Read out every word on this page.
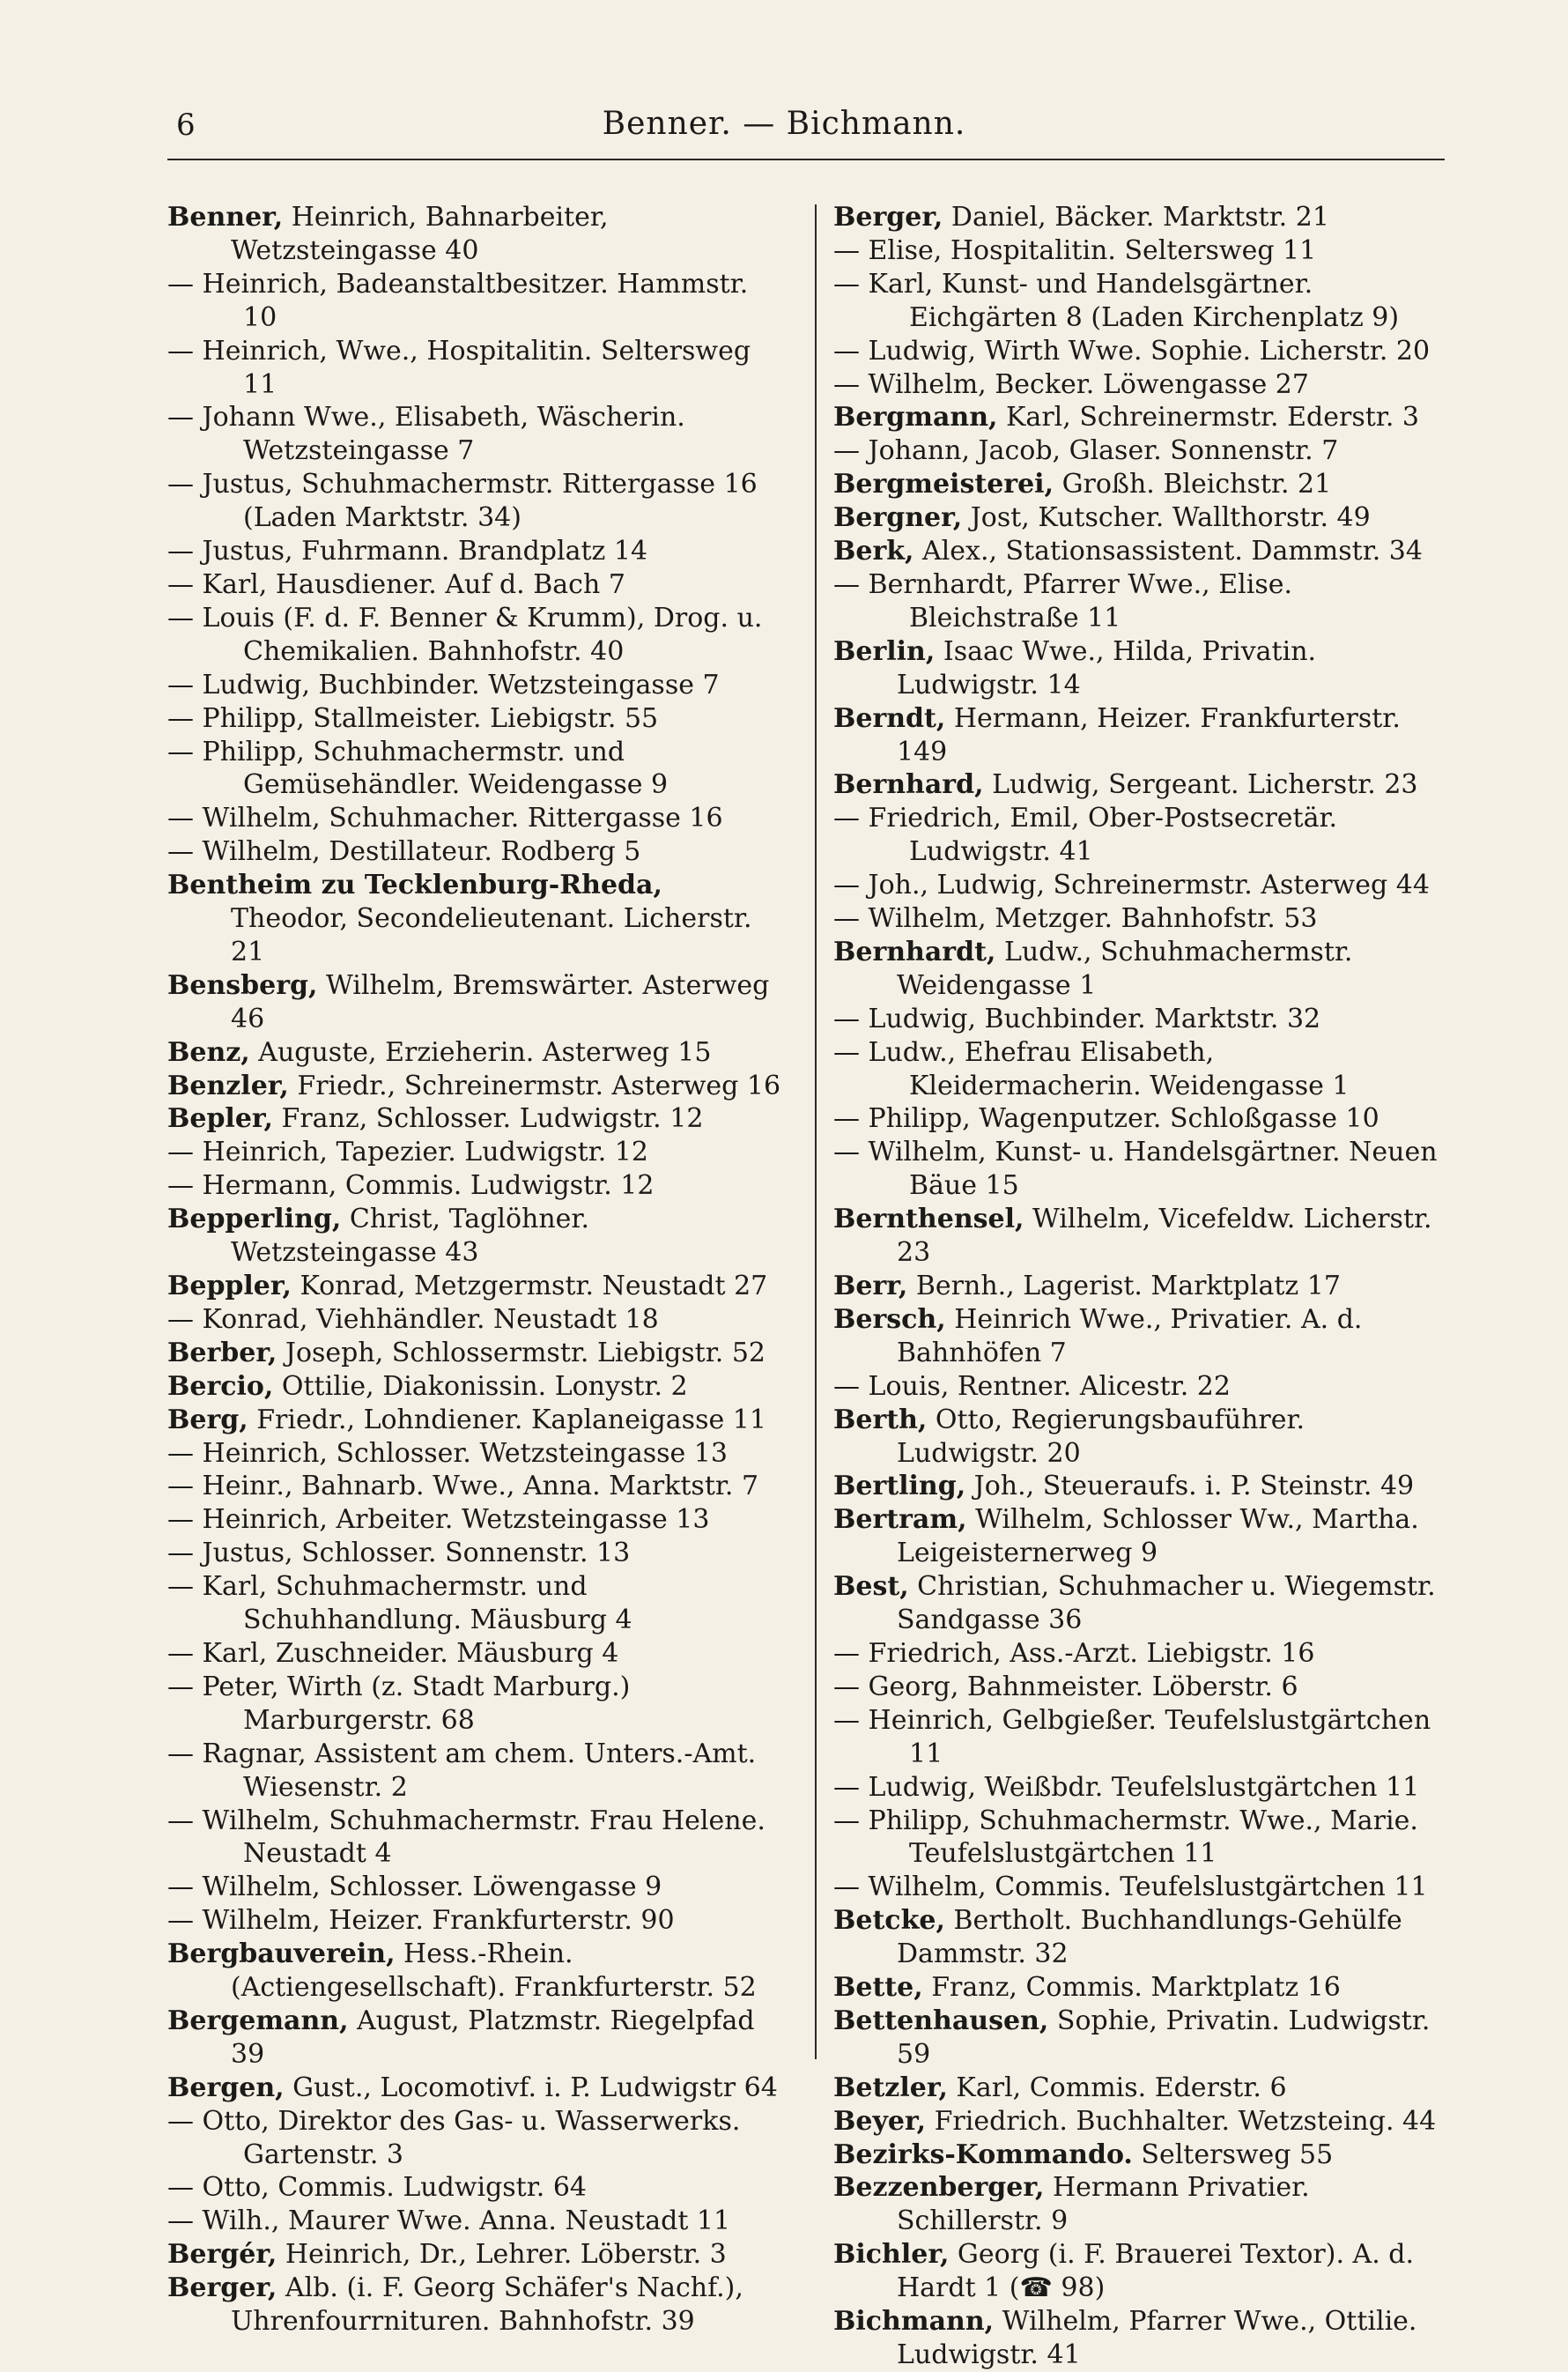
6	Benner. — Bichmann.
Benner, Heinrich, Bahnarbeiter, Wetzsteingasse 40
— Heinrich, Badeanstaltbesitzer. Hammstr. 10
— Heinrich, Wwe., Hospitalitin. Seltersweg 11
— Johann Wwe., Elisabeth, Wäscherin. Wetzsteingasse 7
— Justus, Schuhmachermstr. Rittergasse 16 (Laden Marktstr. 34)
— Justus, Fuhrmann. Brandplatz 14
— Karl, Hausdiener. Auf d. Bach 7
— Louis (F. d. F. Benner & Krumm), Drog. u. Chemikalien. Bahnhofstr. 40
— Ludwig, Buchbinder. Wetzsteingasse 7
— Philipp, Stallmeister. Liebigstr. 55
— Philipp, Schuhmachermstr. und Gemüsehändler. Weidengasse 9
— Wilhelm, Schuhmacher. Rittergasse 16
— Wilhelm, Destillateur. Rodberg 5
Bentheim zu Tecklenburg-Rheda, Theodor, Secondelieutenant. Licherstr. 21
Bensberg, Wilhelm, Bremswärter. Asterweg 46
Benz, Auguste, Erzieherin. Asterweg 15
Benzler, Friedr., Schreinermstr. Asterweg 16
Bepler, Franz, Schlosser. Ludwigstr. 12
— Heinrich, Tapezier. Ludwigstr. 12
— Hermann, Commis. Ludwigstr. 12
Bepperling, Christ, Taglöhner. Wetzsteingasse 43
Beppler, Konrad, Metzgermstr. Neustadt 27
— Konrad, Viehhändler. Neustadt 18
Berber, Joseph, Schlossermstr. Liebigstr. 52
Bercio, Ottilie, Diakonissin. Lonystr. 2
Berg, Friedr., Lohndiener. Kaplaneigasse 11
— Heinrich, Schlosser. Wetzsteingasse 13
— Heinr., Bahnarb. Wwe., Anna. Marktstr. 7
— Heinrich, Arbeiter. Wetzsteingasse 13
— Justus, Schlosser. Sonnenstr. 13
— Karl, Schuhmachermstr. und Schuhhandlung. Mäusburg 4
— Karl, Zuschneider. Mäusburg 4
— Peter, Wirth (z. Stadt Marburg.) Marburgerstr. 68
— Ragnar, Assistent am chem. Unters.-Amt. Wiesenstr. 2
— Wilhelm, Schuhmachermstr. Frau Helene. Neustadt 4
— Wilhelm, Schlosser. Löwengasse 9
— Wilhelm, Heizer. Frankfurterstr. 90
Bergbauverein, Hess.-Rhein. (Actiengesellschaft). Frankfurterstr. 52
Bergemann, August, Platzmstr. Riegelpfad 39
Bergen, Gust., Locomotivf. i. P. Ludwigstr 64
— Otto, Direktor des Gas- u. Wasserwerks. Gartenstr. 3
— Otto, Commis. Ludwigstr. 64
— Wilh., Maurer Wwe. Anna. Neustadt 11
Bergér, Heinrich, Dr., Lehrer. Löberstr. 3
Berger, Alb. (i. F. Georg Schäfer's Nachf.), Uhrenfourrnituren. Bahnhofstr. 39
Berger, Daniel, Bäcker. Marktstr. 21
— Elise, Hospitalitin. Seltersweg 11
— Karl, Kunst- und Handelsgärtner. Eichgärten 8 (Laden Kirchenplatz 9)
— Ludwig, Wirth Wwe. Sophie. Licherstr. 20
— Wilhelm, Becker. Löwengasse 27
Bergmann, Karl, Schreinermstr. Ederstr. 3
— Johann, Jacob, Glaser. Sonnenstr. 7
Bergmeisterei, Großh. Bleichstr. 21
Bergner, Jost, Kutscher. Wallthorstr. 49
Berk, Alex., Stationsassistent. Dammstr. 34
— Bernhardt, Pfarrer Wwe., Elise. Bleichstraße 11
Berlin, Isaac Wwe., Hilda, Privatin. Ludwigstr. 14
Berndt, Hermann, Heizer. Frankfurterstr. 149
Bernhard, Ludwig, Sergeant. Licherstr. 23
— Friedrich, Emil, Ober-Postsecretär. Ludwigstr. 41
— Joh., Ludwig, Schreinermstr. Asterweg 44
— Wilhelm, Metzger. Bahnhofstr. 53
Bernhardt, Ludw., Schuhmachermstr. Weidengasse 1
— Ludwig, Buchbinder. Marktstr. 32
— Ludw., Ehefrau Elisabeth, Kleidermacherin. Weidengasse 1
— Philipp, Wagenputzer. Schloßgasse 10
— Wilhelm, Kunst- u. Handelsgärtner. Neuen Bäue 15
Bernthensel, Wilhelm, Vicefeldw. Licherstr. 23
Berr, Bernh., Lagerist. Marktplatz 17
Bersch, Heinrich Wwe., Privatier. A. d. Bahnhöfen 7
— Louis, Rentner. Alicestr. 22
Berth, Otto, Regierungsbauführer. Ludwigstr. 20
Bertling, Joh., Steueraufs. i. P. Steinstr. 49
Bertram, Wilhelm, Schlosser Ww., Martha. Leigeisternerweg 9
Best, Christian, Schuhmacher u. Wiegemstr. Sandgasse 36
— Friedrich, Ass.-Arzt. Liebigstr. 16
— Georg, Bahnmeister. Löberstr. 6
— Heinrich, Gelbgießer. Teufelslustgärtchen 11
— Ludwig, Weißbdr. Teufelslustgärtchen 11
— Philipp, Schuhmachermstr. Wwe., Marie. Teufelslustgärtchen 11
— Wilhelm, Commis. Teufelslustgärtchen 11
Betcke, Bertholt. Buchhandlungs-Gehülfe Dammstr. 32
Bette, Franz, Commis. Marktplatz 16
Bettenhausen, Sophie, Privatin. Ludwigstr. 59
Betzler, Karl, Commis. Ederstr. 6
Beyer, Friedrich. Buchhalter. Wetzsteing. 44
Bezirks-Kommando. Seltersweg 55
Bezzenberger, Hermann Privatier. Schillerstr. 9
Bichler, Georg (i. F. Brauerei Textor). A. d. Hardt 1 (☎ 98)
Bichmann, Wilhelm, Pfarrer Wwe., Ottilie. Ludwigstr. 41
